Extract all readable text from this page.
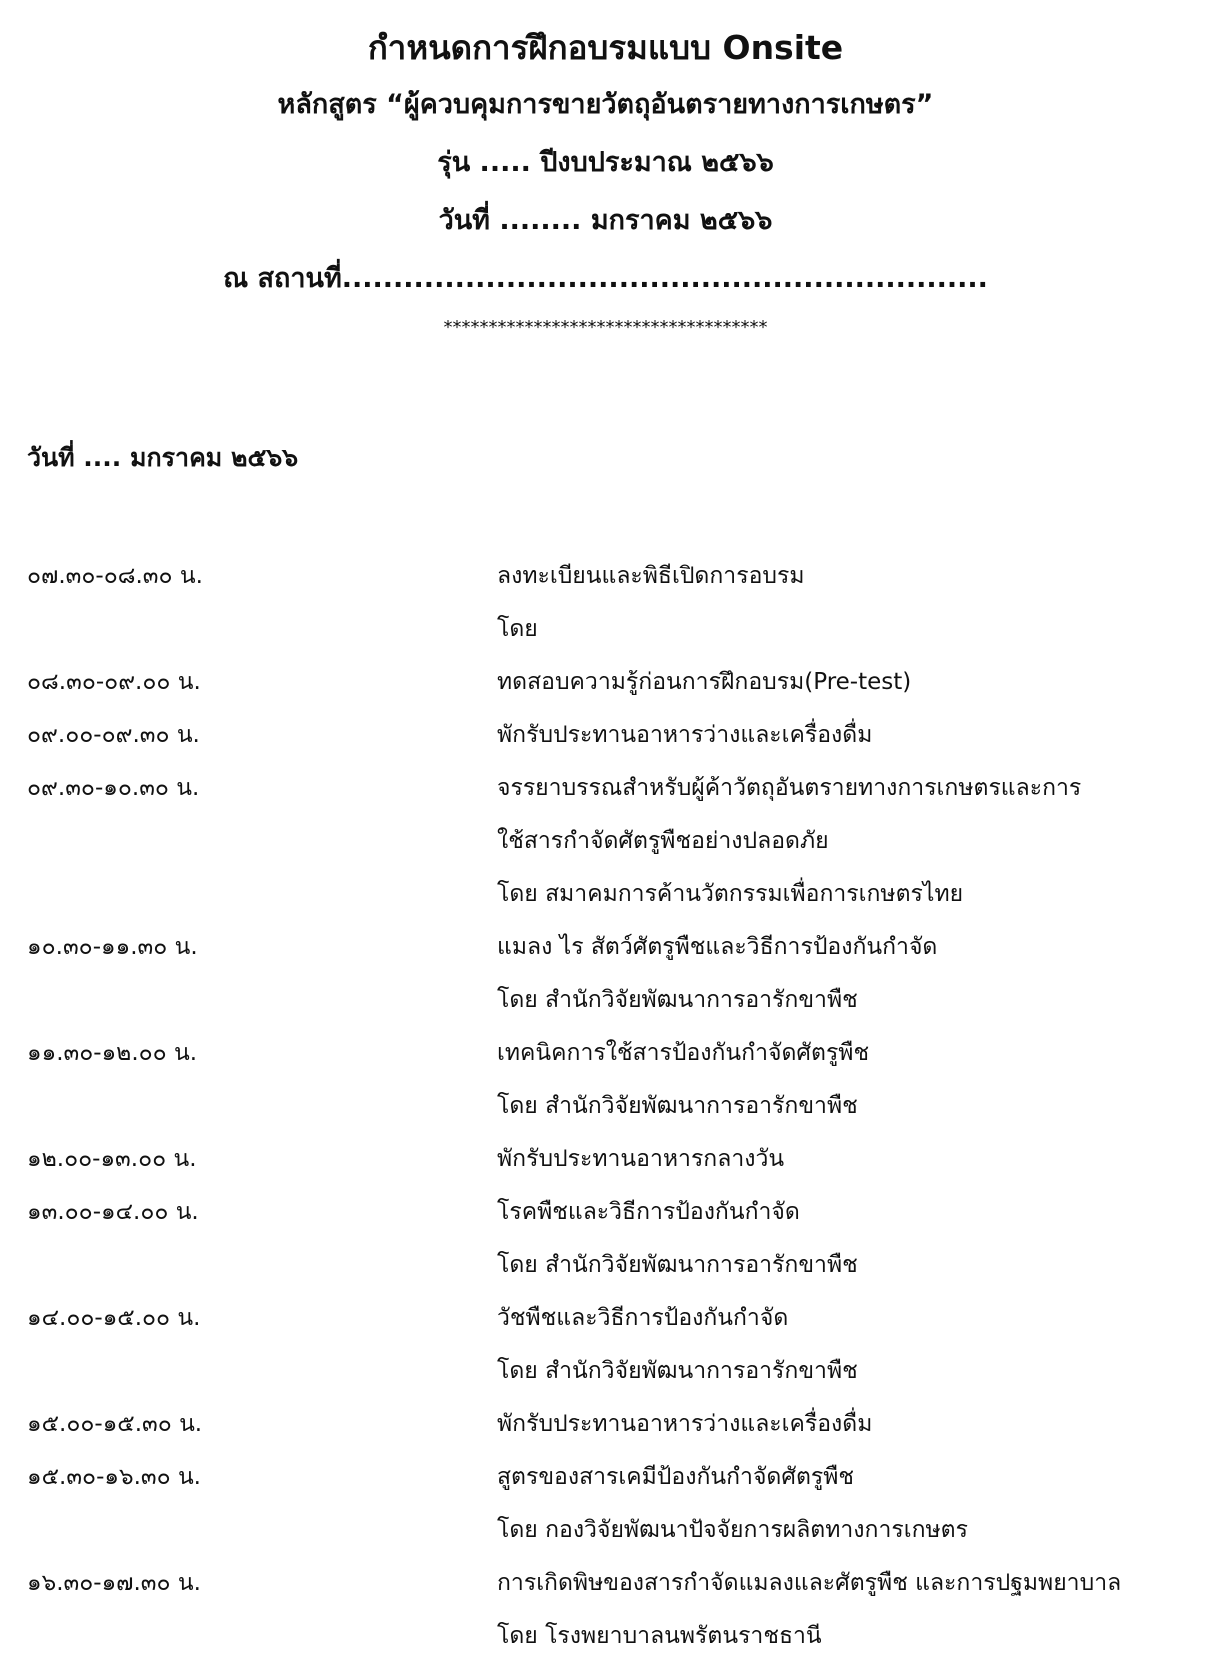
กำหนดการฝึกอบรมแบบ Onsite

หลักสูตร “ผู้ควบคุมการขายวัตถุอันตรายทางการเกษตร”

รุ่น ..... ปีงบประมาณ ๒๕๖๖

วันที่ ........ มกราคม ๒๕๖๖

ณ สถานที่...............................................................

************************************

วันที่ .... มกราคม ๒๕๖๖

๐๗.๓๐-๐๘.๓๐ น.	ลงทะเบียนและพิธีเปิดการอบรม
โดย
๐๘.๓๐-๐๙.๐๐ น.	ทดสอบความรู้ก่อนการฝึกอบรม(Pre-test)
๐๙.๐๐-๐๙.๓๐ น.	พักรับประทานอาหารว่างและเครื่องดื่ม
๐๙.๓๐-๑๐.๓๐ น.	จรรยาบรรณสำหรับผู้ค้าวัตถุอันตรายทางการเกษตรและการ
ใช้สารกำจัดศัตรูพืชอย่างปลอดภัย
โดย สมาคมการค้านวัตกรรมเพื่อการเกษตรไทย
๑๐.๓๐-๑๑.๓๐ น.	แมลง ไร สัตว์ศัตรูพืชและวิธีการป้องกันกำจัด
โดย สำนักวิจัยพัฒนาการอารักขาพืช
๑๑.๓๐-๑๒.๐๐ น.	เทคนิคการใช้สารป้องกันกำจัดศัตรูพืช
โดย สำนักวิจัยพัฒนาการอารักขาพืช
๑๒.๐๐-๑๓.๐๐ น.	พักรับประทานอาหารกลางวัน
๑๓.๐๐-๑๔.๐๐ น.	โรคพืชและวิธีการป้องกันกำจัด
โดย สำนักวิจัยพัฒนาการอารักขาพืช
๑๔.๐๐-๑๕.๐๐ น.	วัชพืชและวิธีการป้องกันกำจัด
โดย สำนักวิจัยพัฒนาการอารักขาพืช
๑๕.๐๐-๑๕.๓๐ น.	พักรับประทานอาหารว่างและเครื่องดื่ม
๑๕.๓๐-๑๖.๓๐ น.	สูตรของสารเคมีป้องกันกำจัดศัตรูพืช
โดย กองวิจัยพัฒนาปัจจัยการผลิตทางการเกษตร
๑๖.๓๐-๑๗.๓๐ น.	การเกิดพิษของสารกำจัดแมลงและศัตรูพืช และการปฐมพยาบาล
โดย โรงพยาบาลนพรัตนราชธานี
